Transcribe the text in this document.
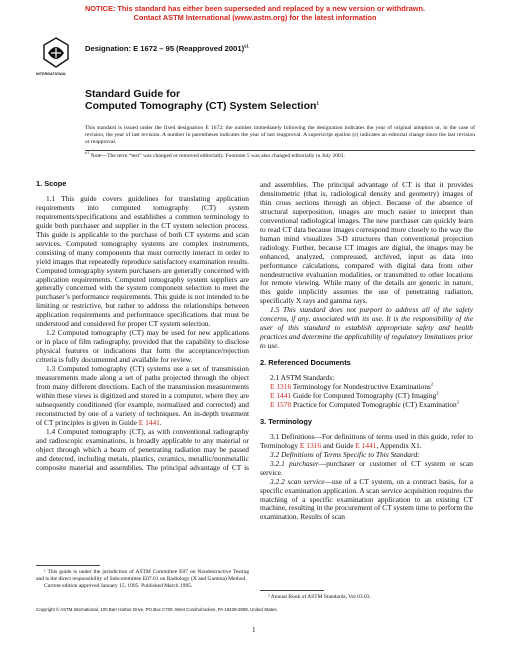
NOTICE: This standard has either been superseded and replaced by a new version or withdrawn.
Contact ASTM International (www.astm.org) for the latest information
INTERNATIONAL
Designation: E 1672 – 95 (Reapproved 2001)$^{\varepsilon 1}$
Standard Guide for
Computed Tomography (CT) System Selection$^1$
This standard is issued under the fixed designation E 1672; the number immediately following the designation indicates the year of original adoption or, in the case of revision, the year of last revision. A number in parentheses indicates the year of last reapproval. A superscript epsilon (ε) indicates an editorial change since the last revision or reapproval.
$^{\varepsilon 1}$ Note—The term “test” was changed or removed editorially. Footnote 5 was also changed editorially in July 2001.

1. Scope

1.1 This guide covers guidelines for translating application requirements into computed tomography (CT) system requirements/specifications and establishes a common terminology to guide both purchaser and supplier in the CT system selection process. This guide is applicable to the purchase of both CT systems and scan services. Computed tomography systems are complex instruments, consisting of many components that must correctly interact in order to yield images that repeatedly reproduce satisfactory examination results. Computed tomography system purchasers are generally concerned with application requirements. Computed tomography system suppliers are generally concerned with the system component selection to meet the purchaser’s performance requirements. This guide is not intended to be limiting or restrictive, but rather to address the relationships between application requirements and performance specifications that must be understood and considered for proper CT system selection.

1.2 Computed tomography (CT) may be used for new applications or in place of film radiography, provided that the capability to disclose physical features or indications that form the acceptance/rejection criteria is fully documented and available for review.

1.3 Computed tomography (CT) systems use a set of transmission measurements made along a set of paths projected through the object from many different directions. Each of the transmission measurements within these views is digitized and stored in a computer, where they are subsequently conditioned (for example, normalized and corrected) and reconstructed by one of a variety of techniques. An in-depth treatment of CT principles is given in Guide E 1441.

1.4 Computed tomography (CT), as with conventional radiography and radioscopic examinations, is broadly applicable to any material or object through which a beam of penetrating radiation may be passed and detected, including metals, plastics, ceramics, metallic/nonmetallic composite material and assemblies. The principal advantage of CT is

and assemblies. The principal advantage of CT is that it provides densitometric (that is, radiological density and geometry) images of thin cross sections through an object. Because of the absence of structural superposition, images are much easier to interpret than conventional radiological images. The new purchaser can quickly learn to read CT data because images correspond more closely to the way the human mind visualizes 3-D structures than conventional projection radiology. Further, because CT images are digital, the images may be enhanced, analyzed, compressed, archived, input as data into performance calculations, compared with digital data from other nondestructive evaluation modalities, or transmitted to other locations for remote viewing. While many of the details are generic in nature, this guide implicitly assumes the use of penetrating radiation, specifically X rays and gamma rays.

1.5 This standard does not purport to address all of the safety concerns, if any, associated with its use. It is the responsibility of the user of this standard to establish appropriate safety and health practices and determine the applicability of regulatory limitations prior to use.

2. Referenced Documents

2.1 ASTM Standards:

E 1316 Terminology for Nondestructive Examinations$^2$
E 1441 Guide for Computed Tomography (CT) Imaging$^2$
E 1570 Practice for Computed Tomographic (CT) Examination$^2$

3. Terminology

3.1 Definitions—For definitions of terms used in this guide, refer to Terminology E 1316 and Guide E 1441, Appendix X1.

3.2 Definitions of Terms Specific to This Standard:

3.2.1 purchaser—purchaser or customer of CT system or scan service.

3.2.2 scan service—use of a CT system, on a contract basis, for a specific examination application. A scan service acquisition requires the matching of a specific examination application to an existing CT machine, resulting in the procurement of CT system time to perform the examination. Results of scan

¹ This guide is under the jurisdiction of ASTM Committee E07 on Nondestructive Testing and is the direct responsibility of Subcommittee E07.01 on Radiology (X and Gamma) Method.
Current edition approved January 15, 1995. Published March 1995.
² Annual Book of ASTM Standards, Vol 03.03.
Copyright © ASTM International, 100 Barr Harbor Drive, PO Box C700, West Conshohocken, PA 19428-2959, United States.
1
